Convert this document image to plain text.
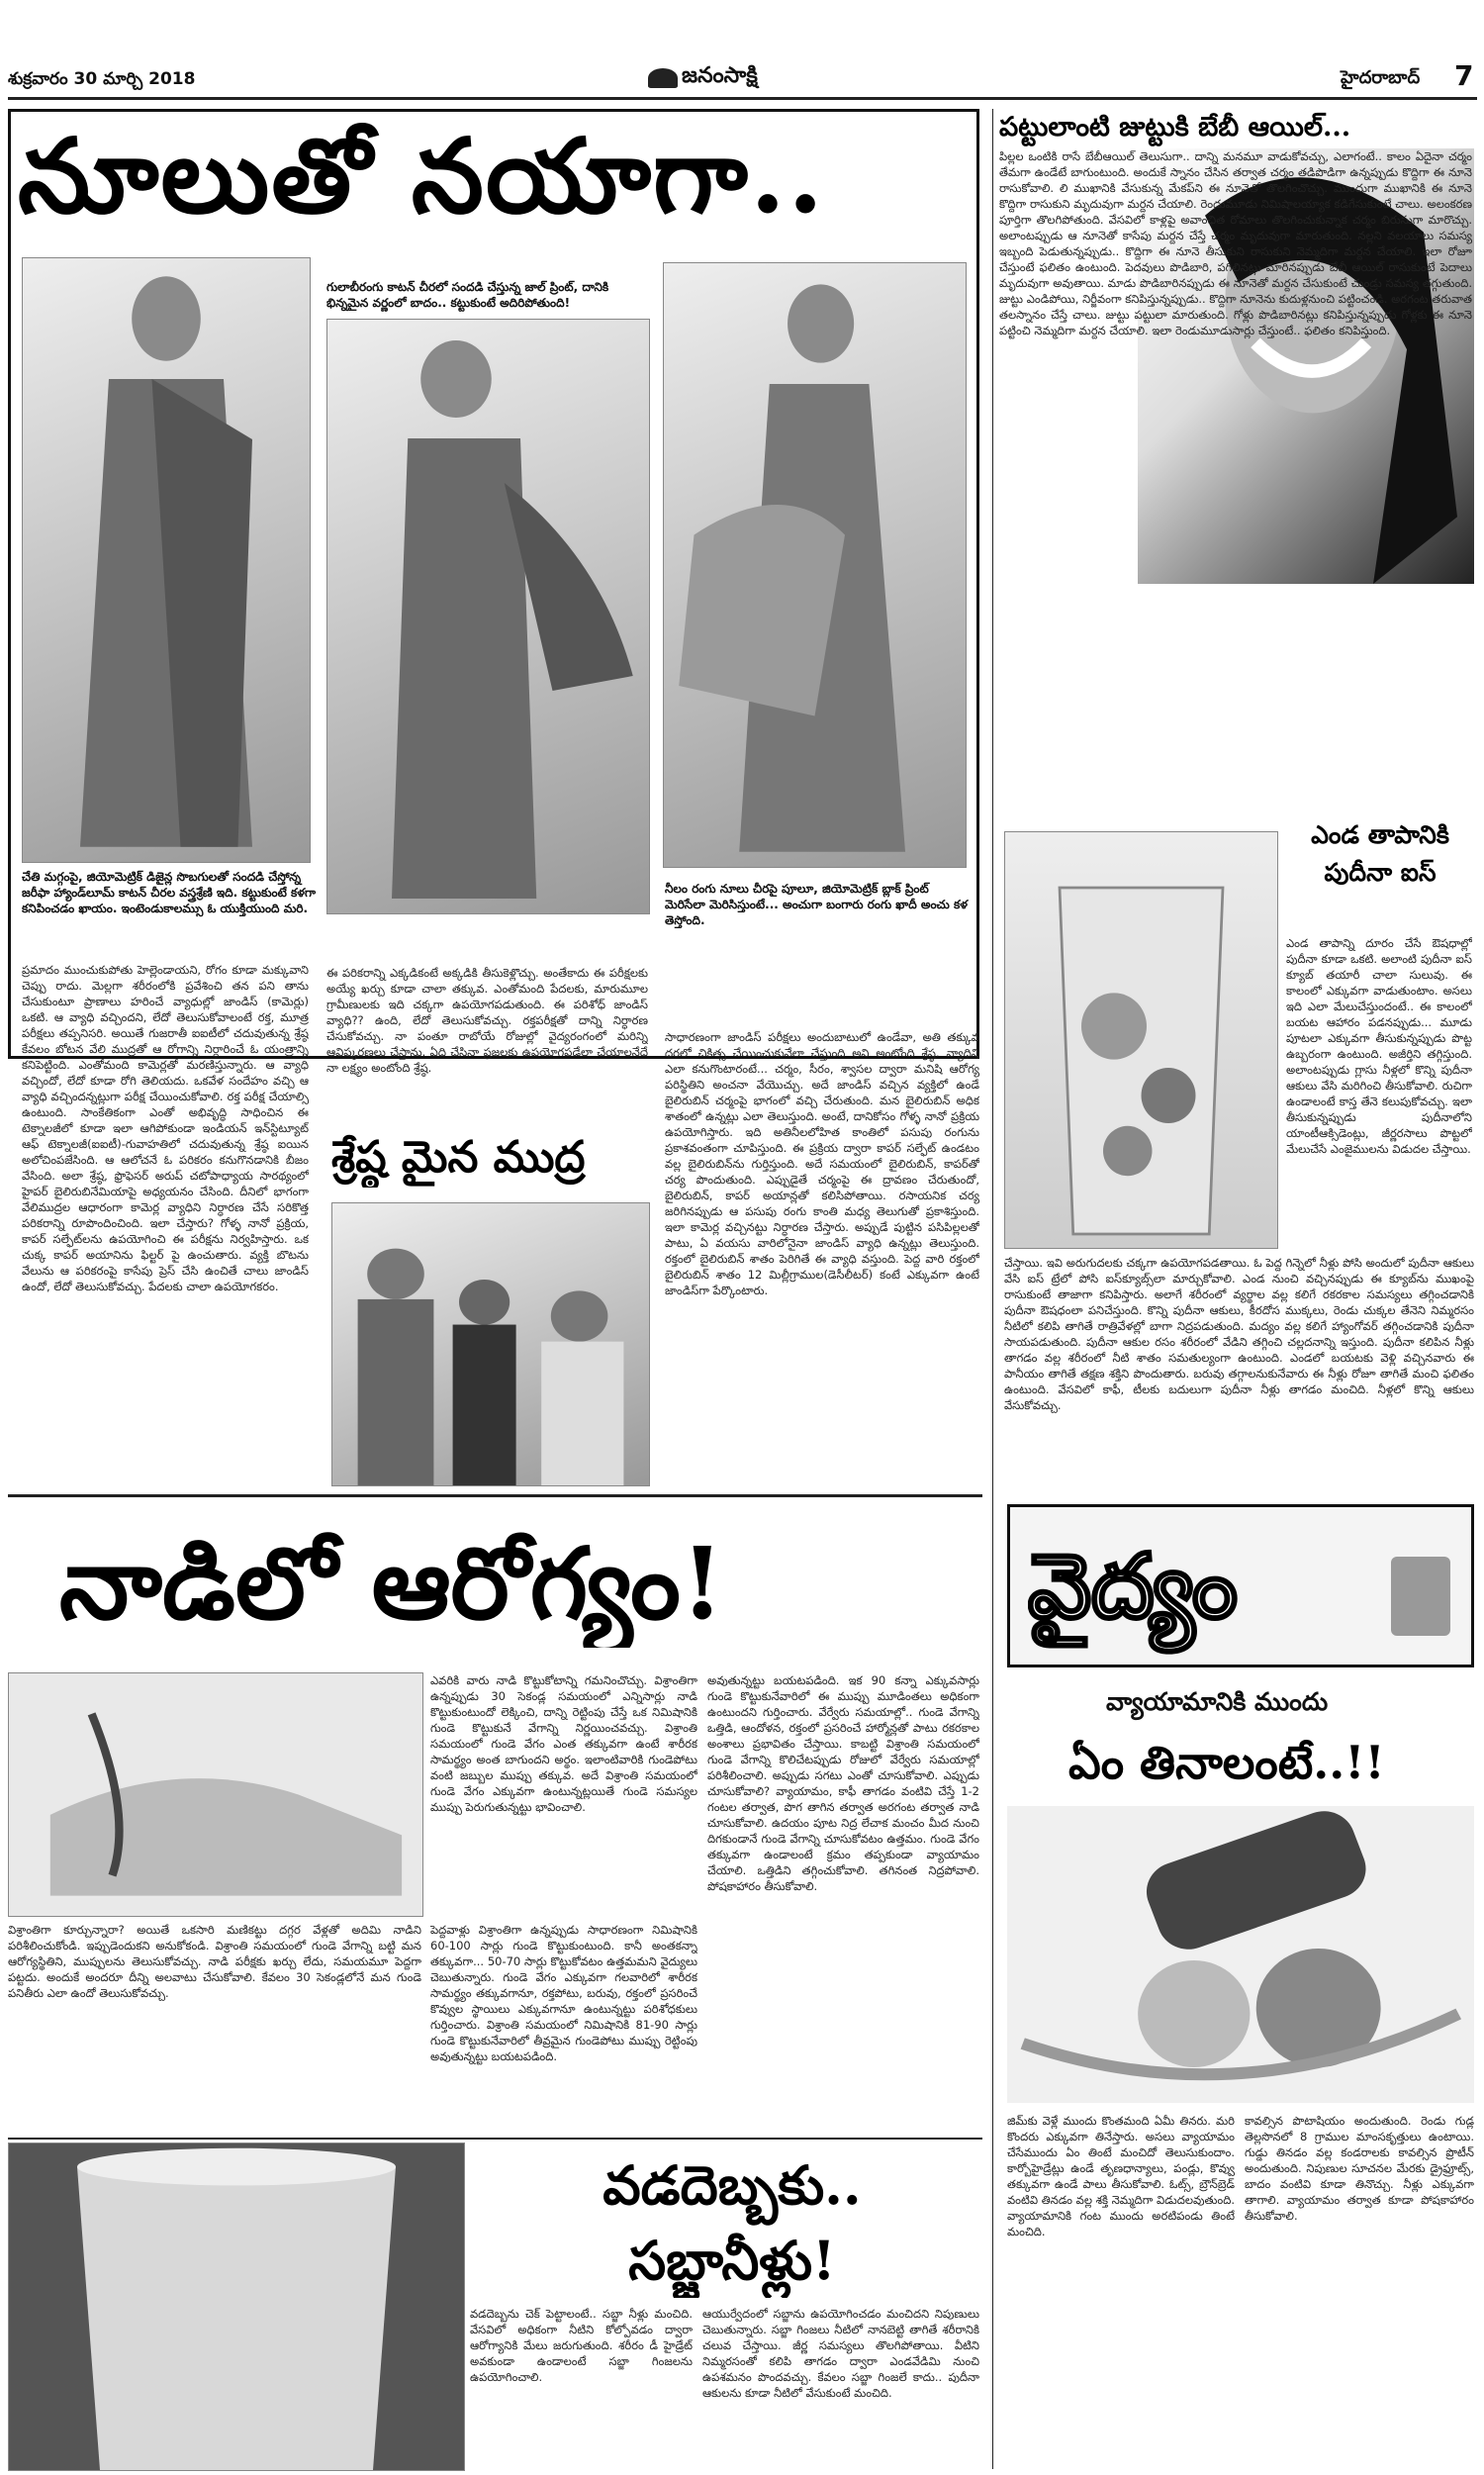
శుక్రవారం 30 మార్చి 2018	జనంసాక్షి	హైదరాబాద్ 7
నూలుతో నయాగా..
చేతి మగ్గంపై, జియోమెట్రిక్ డిజైన్ల సొబగులతో సందడి చేస్తోన్న జరీఫా హ్యాండ్‌లూమ్ కాటన్ చీరల వస్త్రశ్రేణి ఇది. కట్టుకుంటే కళగా కనిపించడం ఖాయం. ఇంటెండుకాలమ్సు ఓ యుక్తియుంది మరి.
గులాబీరంగు కాటన్ చీరలో సందడి చేస్తున్న జాల్ ప్రింట్, దానికి భిన్నమైన వర్ణంలో బాదం.. కట్టుకుంటే అదిరిపోతుంది!
నీలం రంగు నూలు చీరపై పూలూ, జియోమెట్రిక్ బ్లాక్ ప్రింట్ మెరిసేలా మెరిసిస్తుంటే... అంచుగా బంగారు రంగు ఖాదీ అంచు కళ తెస్తోంది.
ప్రమాదం ముంచుకుపోతు హెల్లెండాయని, రోగం కూడా మక్కువాని చెప్పు రాదు. మెల్లగా శరీరంలోకి ప్రవేశించి తన పని తాను చేసుకుంటూ ప్రాణాలు హరించే వ్యాధుల్లో జాండిస్ (కామెర్లు) ఒకటి. ఆ వ్యాధి వచ్చిందని, లేదో తెలుసుకోవాలంటే రక్త, మూత్ర పరీక్షలు తప్పనిసరి. అయితే గుజరాతీ ఐఐటీలో చదువుతున్న శ్రేష్ఠ కేవలం బోటన వేలి ముద్రతో ఆ రోగాన్ని నిర్ధారించే ఓ యంత్రాన్ని కనిపెట్టింది. ఎంతోమంది కామెర్లతో మరణిస్తున్నారు. ఆ వ్యాధి వచ్చిందో, లేదో కూడా రోగి తెలియదు. ఒకవేళ సందేహం వచ్చి ఆ వ్యాధి వచ్చిందన్నట్లుగా పరీక్ష చేయించుకోవాలి. రక్త పరీక్ష చేయాల్సి ఉంటుంది. సాంకేతికంగా ఎంతో అభివృద్ధి సాధించిన ఈ టెక్నాలజీలో కూడా ఇలా ఆగిపోకుండా ఇండియన్ ఇన్‌స్టిట్యూట్ ఆఫ్ టెక్నాలజీ(ఐఐటీ)-గువాహతిలో చదువుతున్న శ్రేష్ఠ ఐయిన అలోచింపజేసింది. ఆ ఆలోచనే ఓ పరికరం కనుగొనడానికి బీజం వేసింది. అలా శ్రేష్ఠ, ఫ్రొఫెసర్ అరుప్ చటోపాధ్యాయ సారథ్యంలో హైపర్ బైలిరుబినేమియాపై అధ్యయనం చేసింది. దీనిలో భాగంగా వేలిముద్రల ఆధారంగా కామెర్ల వ్యాధిని నిర్ధారణ చేసే సరికొత్త పరికరాన్ని రూపొందించింది. ఇలా చేస్తారు? గోళ్ళ నానో ప్రక్రియ, కాపర్ సల్ఫేట్‌లను ఉపయోగించి ఈ పరీక్షను నిర్వహిస్తారు. ఒక చుక్క కాపర్ అయానిను ఫిల్టర్ పై ఉంచుతారు. వ్యక్తి బొటను వేలును ఆ పరికరంపై కాసేపు ప్రెస్ చేసి ఉంచితే చాలు జాండిస్ ఉందో, లేదో తెలుసుకోవచ్చు. పేదలకు చాలా ఉపయోగకరం.
ఈ పరికరాన్ని ఎక్కడికంటే అక్కడికి తీసుకెళ్లొచ్చు. అంతేకాదు ఈ పరీక్షలకు అయ్యే ఖర్చు కూడా చాలా తక్కువ. ఎంతోమంది పేదలకు, మారుమూల గ్రామీణులకు ఇది చక్కగా ఉపయోగపడుతుంది. ఈ పరిశోధ్ జాండిస్ వ్యాధి?? ఉంది, లేదో తెలుసుకోవచ్చు. రక్తపరీక్షతో దాన్ని నిర్ధారణ చేసుకోవచ్చు. నా పంతూ రాబోయే రోజుల్లో వైద్యరంగంలో మరిన్ని ఆవిష్కరణలు చేస్తాను. ఏది చేసినా ప్రజలకు ఉపయోగపడేలా చేయాలనేదే నా లక్ష్యం అంటోంది శ్రేష్ఠ.
సాధారణంగా జాండిస్ పరీక్షలు అందుబాటులో ఉండేవా, అతి తక్కువ ధరలో చికిత్స చేయించుకునేలా చేస్తుంది అని అంటోంది శ్రేష్ఠ. వ్యాధిని ఎలా కనుగొంటారంటే... చర్మం, సీరం, శ్వాసల ద్వారా మనిషి ఆరోగ్య పరిస్థితిని అంచనా వేయొచ్చు. అదే జాండిస్ వచ్చిన వ్యక్తిలో ఉండే బైలిరుబిన్ చర్మంపై భాగంలో వచ్చి చేరుతుంది. మన బైలిరుబిన్ అధిక శాతంలో ఉన్నట్లు ఎలా తెలుస్తుంది. అంటే, దానికోసం గోళ్ళ నానో ప్రక్రియ ఉపయోగిస్తారు. ఇది అతినీలలోహిత కాంతిలో పసుపు రంగును ప్రకాశవంతంగా చూపిస్తుంది. ఈ ప్రక్రియ ద్వారా కాపర్ సల్ఫేట్ ఉండటం వల్ల బైలిరుబిన్‌ను గుర్తిస్తుంది. అదే సమయంలో బైలిరుబిన్, కాపర్‌తో చర్య పొందుతుంది. ఎప్పుడైతే చర్మంపై ఈ ద్రావణం చేరుతుందో, బైలిరుబిన్, కాపర్ అయాన్లతో కలిసిపోతాయి. రసాయనిక చర్య జరిగినప్పుడు ఆ పసుపు రంగు కాంతి మధ్య తెలుగుతో ప్రకాశిస్తుంది. ఇలా కామెర్ల వచ్చినట్టు నిర్ధారణ చేస్తారు. అప్పుడే పుట్టిన పసిపిల్లలతో పాటు, ఏ వయసు వారిలోనైనా జాండిస్ వ్యాధి ఉన్నట్లు తెలుస్తుంది. రక్తంలో బైలిరుబిన్ శాతం పెరిగితే ఈ వ్యాధి వస్తుంది. పెద్ద వారి రక్తంలో బైలిరుబిన్ శాతం 12 మిల్లీగ్రాముల(డెసీలీటర్) కంటే ఎక్కువగా ఉంటే జాండిస్‌గా పేర్కొంటారు.
శ్రేష్ఠ మైన ముద్ర
పట్టులాంటి జుట్టుకి బేబీ ఆయిల్...
పిల్లల ఒంటికి రాసే బేబీఆయిల్ తెలుసుగా.. దాన్ని మనమూ వాడుకోవచ్చు, ఎలాగంటే.. కాలం ఏదైనా చర్మం తేమగా ఉండేటే బాగుంటుంది. అందుకే స్నానం చేసిన తర్వాత చర్మం తడిపొడిగా ఉన్నప్పుడు కొద్దిగా ఈ నూనె రాసుకోవాలి. లి ముఖానికి వేసుకున్న మేకప్‌ని ఈ నూనెతో తొలగించొచ్చు. ముందుగా ముఖానికి ఈ నూనె కొద్దిగా రాసుకుని మృదువుగా మర్దన చేయాలి. రెండుమూడు నిమిషాలయ్యాక కడిగేసుకుంటే చాలు. అలంకరణ పూర్తిగా తొలగిపోతుంది. వేసవిలో కాళ్లపై అవాంఛిత రోమాలు తొలగించుకున్నాక చర్మం బిరుసుగా మారొచ్చు. అలాంటప్పుడు ఆ నూనెతో కాసేపు మర్దన చేస్తే చర్మం మృదువుగా మారుతుంది. నల్లని వలయాలు సమస్య ఇబ్బంది పెడుతున్నప్పుడు.. కొద్దిగా ఈ నూనె తీసుకుని రాసుకుని నెమ్మదిగా మర్దన చేయాలి. ఇలా రోజూ చేస్తుంటే ఫలితం ఉంటుంది. పెదవులు పొడిబారి, పగిలినట్లు మారినప్పుడు బేబీ ఆయిల్ రాసుకుంటే పెదాలు మృదువుగా అవుతాయి. మాడు పొడిబారినప్పుడు ఈ నూనెతో మర్దన చేసుకుంటే చుండ్రు సమస్య తగ్గుతుంది. జుట్టు ఎండిపోయి, నిర్జీవంగా కనిపిస్తున్నప్పుడు.. కొద్దిగా నూనెను కుదుళ్లనుంచి పట్టించండి. అరగంట తరువాత తలస్నానం చేస్తే చాలు. జుట్టు పట్టులా మారుతుంది. గోళ్లు పొడిబారినట్లు కనిపిస్తున్నప్పుడు గోళ్లకు ఈ నూనె పట్టించి నెమ్మదిగా మర్దన చేయాలి. ఇలా రెండుమూడుసార్లు చేస్తుంటే.. ఫలితం కనిపిస్తుంది.
ఎండ తాపానికి పుదీనా ఐస్
ఎండ తాపాన్ని దూరం చేసే ఔషధాల్లో పుదీనా కూడా ఒకటి. అలాంటి పుదీనా ఐస్ క్యూబ్ తయారీ చాలా సులువు. ఈ కాలంలో ఎక్కువగా వాడుతుంటాం. అసలు ఇది ఎలా మేలుచేస్తుందంటే.. ఈ కాలంలో బయట ఆహారం పడనప్పుడు... మూడు పూటలా ఎక్కువగా తీసుకున్నప్పుడు పొట్ట ఉబ్బరంగా ఉంటుంది. అజీర్తిని తగ్గిస్తుంది. అలాంటప్పుడు గ్లాసు నీళ్లలో కొన్ని పుదీనా ఆకులు వేసి మరిగించి తీసుకోవాలి. రుచిగా ఉండాలంటే కాస్త తేనె కలుపుకోవచ్చు. ఇలా తీసుకున్నప్పుడు పుదీనాలోని యాంటీఆక్సిడెంట్లు, జీర్ణరసాలు పొట్టలో మేలుచేసే ఎంజైములను విడుదల చేస్తాయి.
చేస్తాయి. ఇవి అరుగుదలకు చక్కగా ఉపయోగపడతాయి. ఓ పెద్ద గిన్నెలో నీళ్లు పోసి అందులో పుదీనా ఆకులు వేసి ఐస్ ట్రేలో పోసి ఐస్‌క్యూబ్స్‌లా మార్చుకోవాలి. ఎండ నుంచి వచ్చినప్పుడు ఈ క్యూబ్‌ను ముఖంపై రాసుకుంటే తాజాగా కనిపిస్తారు. అలాగే శరీరంలో వ్యర్థాల వల్ల కలిగే రకరకాల సమస్యలు తగ్గించడానికి పుదీనా ఔషధంలా పనిచేస్తుంది. కొన్ని పుదీనా ఆకులు, కీరదోస ముక్కలు, రెండు చుక్కల తేనెని నిమ్మరసం నీటిలో కలిపి తాగితే రాత్రివేళల్లో బాగా నిద్రపడుతుంది. మద్యం వల్ల కలిగే హ్యాంగోవర్ తగ్గించడానికి పుదీనా సాయపడుతుంది. పుదీనా ఆకుల రసం శరీరంలో వేడిని తగ్గించి చల్లదనాన్ని ఇస్తుంది. పుదీనా కలిపిన నీళ్లు తాగడం వల్ల శరీరంలో నీటి శాతం సమతుల్యంగా ఉంటుంది. ఎండలో బయటకు వెళ్లి వచ్చినవారు ఈ పానీయం తాగితే తక్షణ శక్తిని పొందుతారు. బరువు తగ్గాలనుకునేవారు ఈ నీళ్లు రోజూ తాగితే మంచి ఫలితం ఉంటుంది. వేసవిలో కాఫీ, టీలకు బదులుగా పుదీనా నీళ్లు తాగడం మంచిది. నీళ్లలో కొన్ని ఆకులు వేసుకోవచ్చు.
నాడిలో ఆరోగ్యం!
విశ్రాంతిగా కూర్చున్నారా? అయితే ఒకసారి మణికట్టు దగ్గర వేళ్లతో అదిమి నాడిని పరిశీలించుకోండి. ఇప్పుడెందుకని అనుకోకండి. విశ్రాంతి సమయంలో గుండె వేగాన్ని బట్టి మన ఆరోగ్యస్థితిని, ముప్పులను తెలుసుకోవచ్చు. నాడి పరీక్షకు ఖర్చు లేదు, సమయమూ పెద్దగా పట్టదు. అందుకే అందరూ దీన్ని అలవాటు చేసుకోవాలి. కేవలం 30 సెకండ్లలోనే మన గుండె పనితీరు ఎలా ఉందో తెలుసుకోవచ్చు.
ఎవరికి వారు నాడి కొట్టుకోటాన్ని గమనించొచ్చు. విశ్రాంతిగా ఉన్నప్పుడు 30 సెకండ్ల సమయంలో ఎన్నిసార్లు నాడి కొట్టుకుంటుందో లెక్కించి, దాన్ని రెట్టింపు చేస్తే ఒక నిమిషానికి గుండె కొట్టుకునే వేగాన్ని నిర్ణయించవచ్చు. విశ్రాంతి సమయంలో గుండె వేగం ఎంత తక్కువగా ఉంటే శారీరక సామర్థ్యం అంత బాగుందని అర్థం. ఇలాంటివారికి గుండెపోటు వంటి జబ్బుల ముప్పు తక్కువ. అదే విశ్రాంతి సమయంలో గుండె వేగం ఎక్కువగా ఉంటున్నట్లయితే గుండె సమస్యల ముప్పు పెరుగుతున్నట్టు భావించాలి.
పెద్దవాళ్లు విశ్రాంతిగా ఉన్నప్పుడు సాధారణంగా నిమిషానికి 60-100 సార్లు గుండె కొట్టుకుంటుంది. కానీ అంతకన్నా తక్కువగా... 50-70 సార్లు కొట్టుకోవటం ఉత్తమమని వైద్యులు చెబుతున్నారు. గుండె వేగం ఎక్కువగా గలవారిలో శారీరక సామర్థ్యం తక్కువగానూ, రక్తపోటు, బరువు, రక్తంలో ప్రసరించే కొవ్వుల స్థాయిలు ఎక్కువగానూ ఉంటున్నట్టు పరిశోధకులు గుర్తించారు. విశ్రాంతి సమయంలో నిమిషానికి 81-90 సార్లు గుండె కొట్టుకునేవారిలో తీవ్రమైన గుండెపోటు ముప్పు రెట్టింపు అవుతున్నట్టు బయటపడింది.
అవుతున్నట్టు బయటపడింది. ఇక 90 కన్నా ఎక్కువసార్లు గుండె కొట్టుకునేవారిలో ఈ ముప్పు మూడింతలు అధికంగా ఉంటుందని గుర్తించారు. వేర్వేరు సమయాల్లో.. గుండె వేగాన్ని ఒత్తిడి, ఆందోళన, రక్తంలో ప్రసరించే హార్మోన్లతో పాటు రకరకాల అంశాలు ప్రభావితం చేస్తాయి. కాబట్టి విశ్రాంతి సమయంలో గుండె వేగాన్ని కొలిచేటప్పుడు రోజులో వేర్వేరు సమయాల్లో పరిశీలించాలి. అప్పుడు సగటు ఎంతో చూసుకోవాలి. ఎప్పుడు చూసుకోవాలి? వ్యాయామం, కాఫీ తాగడం వంటివి చేస్తే 1-2 గంటల తర్వాత, పొగ తాగిన తర్వాత అరగంట తర్వాత నాడి చూసుకోవాలి. ఉదయం పూట నిద్ర లేచాక మంచం మీద నుంచి దిగకుండానే గుండె వేగాన్ని చూసుకోవటం ఉత్తమం. గుండె వేగం తక్కువగా ఉండాలంటే క్రమం తప్పకుండా వ్యాయామం చేయాలి. ఒత్తిడిని తగ్గించుకోవాలి. తగినంత నిద్రపోవాలి. పోషకాహారం తీసుకోవాలి.
వైద్యం
వ్యాయామానికి ముందు
ఏం తినాలంటే..!!
జిమ్‌కు వెళ్లే ముందు కొంతమంది ఏమీ తినరు. మరి కొందరు ఎక్కువగా తినేస్తారు. అసలు వ్యాయామం చేసేముందు ఏం తింటే మంచిదో తెలుసుకుందాం. కార్బోహైడ్రేట్లు ఉండే తృణధాన్యాలు, పండ్లు, కొవ్వు తక్కువగా ఉండే పాలు తీసుకోవాలి. ఓట్స్, బ్రౌన్‌బ్రెడ్ వంటివి తినడం వల్ల శక్తి నెమ్మదిగా విడుదలవుతుంది. వ్యాయామానికి గంట ముందు అరటిపండు తింటే మంచిది.
కావల్సిన పొటాషియం అందుతుంది. రెండు గుడ్ల తెల్లసొనలో 8 గ్రాముల మాంసకృత్తులు ఉంటాయి. గుడ్డు తినడం వల్ల కండరాలకు కావల్సిన ప్రొటీన్ అందుతుంది. నిపుణుల సూచనల మేరకు డ్రైఫ్రూట్స్, బాదం వంటివి కూడా తినొచ్చు. నీళ్లు ఎక్కువగా తాగాలి. వ్యాయామం తర్వాత కూడా పోషకాహారం తీసుకోవాలి.
వడదెబ్బకు.. సబ్జానీళ్లు!
వడదెబ్బను చెక్ పెట్టాలంటే.. సబ్జా నీళ్లు మంచిది. వేసవిలో అధికంగా నీటిని కోల్పోవడం ద్వారా ఆరోగ్యానికి మేలు జరుగుతుంది. శరీరం డీ హైడ్రేట్ అవకుండా ఉండాలంటే సబ్జా గింజలను ఉపయోగించాలి.
ఆయుర్వేదంలో సబ్జాను ఉపయోగించడం మంచిదని నిపుణులు చెబుతున్నారు. సబ్జా గింజలు నీటిలో నానబెట్టి తాగితే శరీరానికి చలువ చేస్తాయి. జీర్ణ సమస్యలు తొలగిపోతాయి. వీటిని నిమ్మరసంతో కలిపి తాగడం ద్వారా ఎండవేడిమి నుంచి ఉపశమనం పొందవచ్చు. కేవలం సబ్జా గింజలే కాదు.. పుదీనా ఆకులను కూడా నీటిలో వేసుకుంటే మంచిది.
